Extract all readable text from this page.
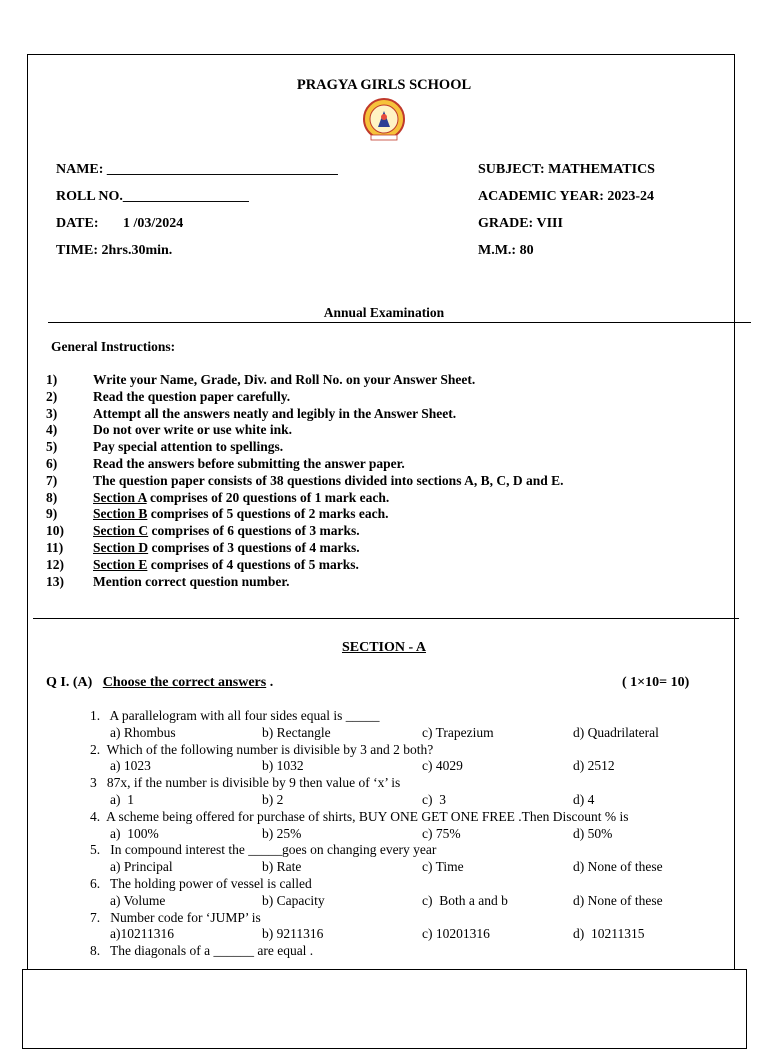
PRAGYA GIRLS SCHOOL
NAME: _________________________________
ROLL NO.__________________
DATE: 1 /03/2024
TIME: 2hrs.30min.
SUBJECT: MATHEMATICS
ACADEMIC YEAR: 2023-24
GRADE: VIII
M.M.: 80
Annual Examination
General Instructions:
1)	Write your Name, Grade, Div. and Roll No. on your Answer Sheet.
2)	Read the question paper carefully.
3)	Attempt all the answers neatly and legibly in the Answer Sheet.
4)	Do not over write or use white ink.
5)	Pay special attention to spellings.
6)	Read the answers before submitting the answer paper.
7)	The question paper consists of 38 questions divided into sections A, B, C, D and E.
8)	Section A comprises of 20 questions of 1 mark each.
9)	Section B comprises of 5 questions of 2 marks each.
10)	Section C comprises of 6 questions of 3 marks.
11)	Section D comprises of 3 questions of 4 marks.
12)	Section E comprises of 4 questions of 5 marks.
13)	Mention correct question number.
SECTION - A
Q I. (A) Choose the correct answers .	( 1×10= 10)
1.   A parallelogram with all four sides equal is _____
a) Rhombus	b) Rectangle	c) Trapezium	d) Quadrilateral
2.  Which of the following number is divisible by 3 and 2 both?
a) 1023	b) 1032	c) 4029	d) 2512
3   87x, if the number is divisible by 9 then value of ‘x’ is
a)  1	b) 2	c)  3	d) 4
4.  A scheme being offered for purchase of shirts, BUY ONE GET ONE FREE .Then Discount % is
a)  100%	b) 25%	c) 75%	d) 50%
5.   In compound interest the _____goes on changing every year
a) Principal	b) Rate	c) Time	d) None of these
6.   The holding power of vessel is called
a) Volume	b) Capacity	c)  Both a and b	d) None of these
7.   Number code for ‘JUMP’ is
a)10211316	b) 9211316	c) 10201316	d)  10211315
8.   The diagonals of a ______ are equal .
